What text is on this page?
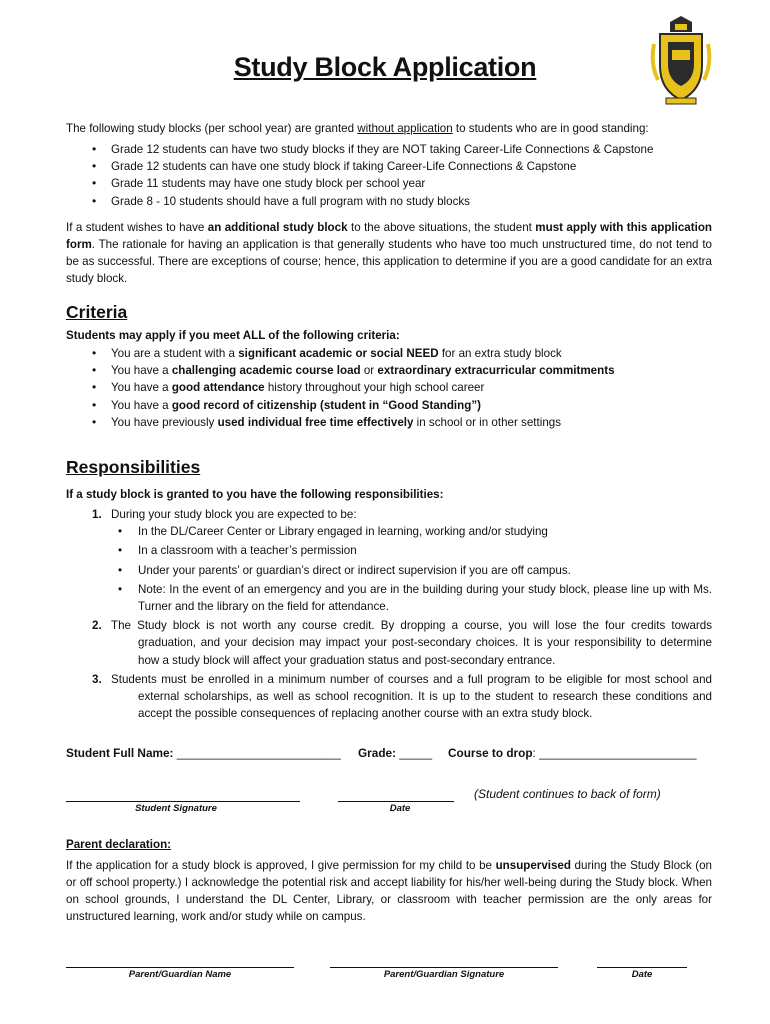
Study Block Application
The following study blocks (per school year) are granted without application to students who are in good standing:
• Grade 12 students can have two study blocks if they are NOT taking Career-Life Connections & Capstone
• Grade 12 students can have one study block if taking Career-Life Connections & Capstone
• Grade 11 students may have one study block per school year
• Grade 8 - 10 students should have a full program with no study blocks
If a student wishes to have an additional study block to the above situations, the student must apply with this application form. The rationale for having an application is that generally students who have too much unstructured time, do not tend to be as successful. There are exceptions of course; hence, this application to determine if you are a good candidate for an extra study block.
Criteria
Students may apply if you meet ALL of the following criteria:
• You are a student with a significant academic or social NEED for an extra study block
• You have a challenging academic course load or extraordinary extracurricular commitments
• You have a good attendance history throughout your high school career
• You have a good record of citizenship (student in “Good Standing”)
• You have previously used individual free time effectively in school or in other settings
Responsibilities
If a study block is granted to you have the following responsibilities:
1. During your study block you are expected to be:
• In the DL/Career Center or Library engaged in learning, working and/or studying
• In a classroom with a teacher’s permission
• Under your parents’ or guardian’s direct or indirect supervision if you are off campus.
• Note: In the event of an emergency and you are in the building during your study block, please line up with Ms. Turner and the library on the field for attendance.
2. The Study block is not worth any course credit. By dropping a course, you will lose the four credits towards graduation, and your decision may impact your post-secondary choices. It is your responsibility to determine how a study block will affect your graduation status and post-secondary entrance.
3. Students must be enrolled in a minimum number of courses and a full program to be eligible for most school and external scholarships, as well as school recognition. It is up to the student to research these conditions and accept the possible consequences of replacing another course with an extra study block.
Student Full Name: _________________________ Grade: _____ Course to drop: ________________________
Student Signature	Date
(Student continues to back of form)
Parent declaration:
If the application for a study block is approved, I give permission for my child to be unsupervised during the Study Block (on or off school property.) I acknowledge the potential risk and accept liability for his/her well-being during the Study block. When on school grounds, I understand the DL Center, Library, or classroom with teacher permission are the only areas for unstructured learning, work and/or study while on campus.
Parent/Guardian Name	Parent/Guardian Signature	Date
